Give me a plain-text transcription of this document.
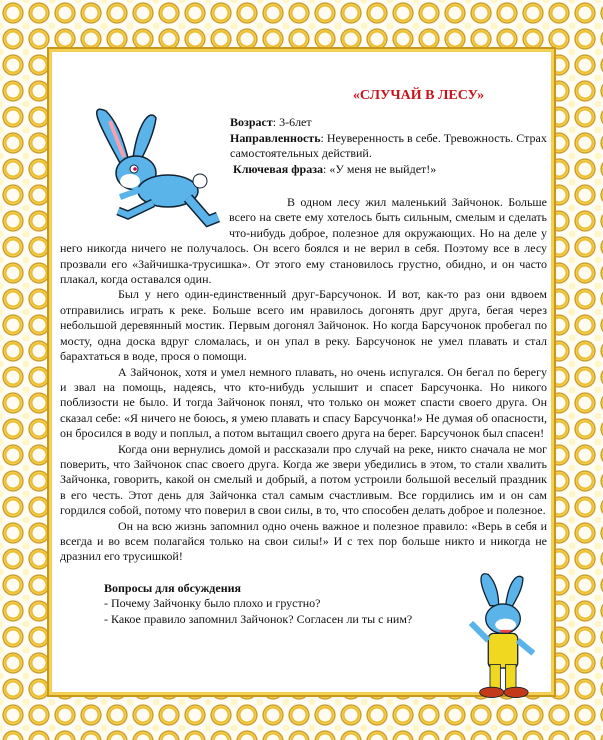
«СЛУЧАЙ В ЛЕСУ»

Возраст: 3-6лет

Направленность: Неуверенность в себе. Тревожность. Страх самостоятельных действий.

Ключевая фраза: «У меня не выйдет!»

В одном лесу жил маленький Зайчонок. Больше всего на свете ему хотелось быть сильным, смелым и сделать что-нибудь доброе, полезное для окружающих. Но на деле у него никогда ничего не получалось. Он всего боялся и не верил в себя. Поэтому все в лесу прозвали его «Зайчишка-трусишка». От этого ему становилось грустно, обидно, и он часто плакал, когда оставался один.

Был у него один-единственный друг-Барсучонок. И вот, как-то раз они вдвоем отправились играть к реке. Больше всего им нравилось догонять друг друга, бегая через небольшой деревянный мостик. Первым догонял Зайчонок. Но когда Барсучонок пробегал по мосту, одна доска вдруг сломалась, и он упал в реку. Барсучонок не умел плавать и стал барахтаться в воде, прося о помощи.

А Зайчонок, хотя и умел немного плавать, но очень испугался. Он бегал по берегу и звал на помощь, надеясь, что кто-нибудь услышит и спасет Барсучонка. Но никого поблизости не было. И тогда Зайчонок понял, что только он может спасти своего друга. Он сказал себе: «Я ничего не боюсь, я умею плавать и спасу Барсучонка!» Не думая об опасности, он бросился в воду и поплыл, а потом вытащил своего друга на берег. Барсучонок был спасен!

Когда они вернулись домой и рассказали про случай на реке, никто сначала не мог поверить, что Зайчонок спас своего друга. Когда же звери убедились в этом, то стали хвалить Зайчонка, говорить, какой он смелый и добрый, а потом устроили большой веселый праздник в его честь. Этот день для Зайчонка стал самым счастливым. Все гордились им и он сам гордился собой, потому что поверил в свои силы, в то, что способен делать доброе и полезное.

Он на всю жизнь запомнил одно очень важное и полезное правило: «Верь в себя и всегда и во всем полагайся только на свои силы!» И с тех пор больше никто и никогда не дразнил его трусишкой!

Вопросы для обсуждения
- Почему Зайчонку было плохо и грустно?
- Какое правило запомнил Зайчонок? Согласен ли ты с ним?
